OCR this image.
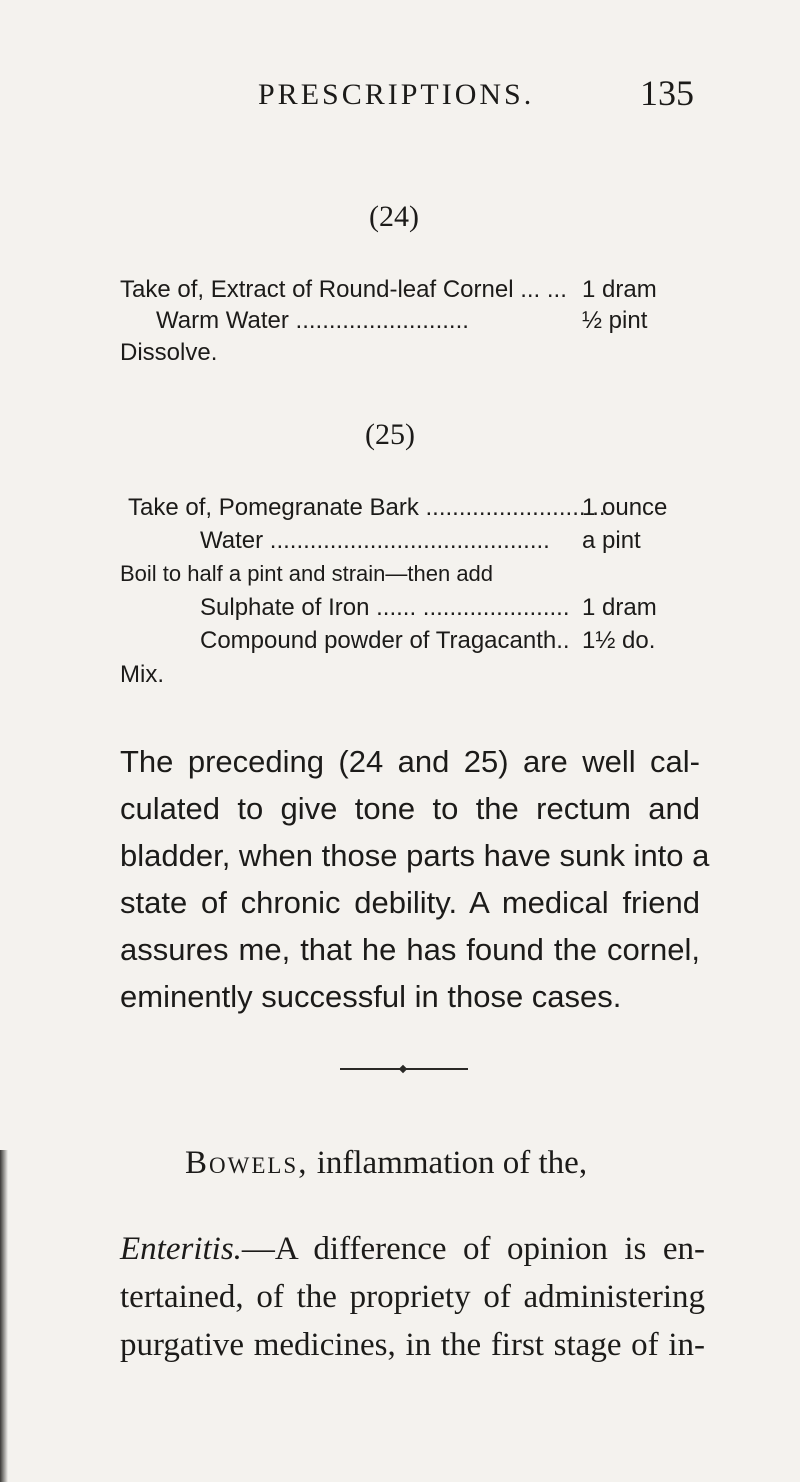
PRESCRIPTIONS.	135
(24)
Take of, Extract of Round-leaf Cornel ... ... 1 dram
Warm Water ..........................	½ pint
Dissolve.
(25)
Take of, Pomegranate Bark ...........................
1 ounce
Water .......................................... a pint
Boil to half a pint and strain—then add
Sulphate of Iron ...... ...................... 1 dram
Compound powder of Tragacanth.. 1½ do.
Mix.
The preceding (24 and 25) are well cal-
culated to give tone to the rectum and
bladder, when those parts have sunk into a
state of chronic debility. A medical friend
assures me, that he has found the cornel,
eminently successful in those cases.
Bowels, inflammation of the,
Enteritis.—A difference of opinion is en-
tertained, of the propriety of administering
purgative medicines, in the first stage of in-
